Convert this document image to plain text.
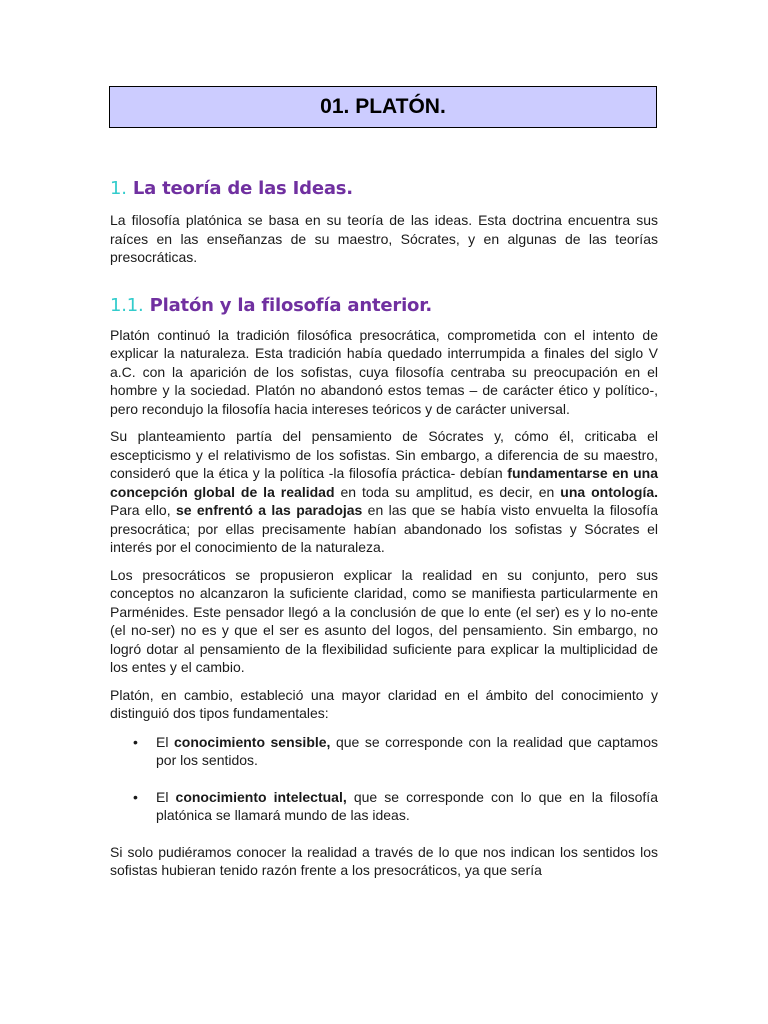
01. PLATÓN.
1. La teoría de las Ideas.

La filosofía platónica se basa en su teoría de las ideas. Esta doctrina encuentra sus raíces en las enseñanzas de su maestro, Sócrates, y en algunas de las teorías presocráticas.

1.1. Platón y la filosofía anterior.

Platón continuó la tradición filosófica presocrática, comprometida con el intento de explicar la naturaleza. Esta tradición había quedado interrumpida a finales del siglo V a.C. con la aparición de los sofistas, cuya filosofía centraba su preocupación en el hombre y la sociedad. Platón no abandonó estos temas – de carácter ético y político-, pero recondujo la filosofía hacia intereses teóricos y de carácter universal.

Su planteamiento partía del pensamiento de Sócrates y, cómo él, criticaba el escepticismo y el relativismo de los sofistas. Sin embargo, a diferencia de su maestro, consideró que la ética y la política -la filosofía práctica- debían fundamentarse en una concepción global de la realidad en toda su amplitud, es decir, en una ontología. Para ello, se enfrentó a las paradojas en las que se había visto envuelta la filosofía presocrática; por ellas precisamente habían abandonado los sofistas y Sócrates el interés por el conocimiento de la naturaleza.

Los presocráticos se propusieron explicar la realidad en su conjunto, pero sus conceptos no alcanzaron la suficiente claridad, como se manifiesta particularmente en Parménides. Este pensador llegó a la conclusión de que lo ente (el ser) es y lo no-ente (el no-ser) no es y que el ser es asunto del logos, del pensamiento. Sin embargo, no logró dotar al pensamiento de la flexibilidad suficiente para explicar la multiplicidad de los entes y el cambio.

Platón, en cambio, estableció una mayor claridad en el ámbito del conocimiento y distinguió dos tipos fundamentales:

• El conocimiento sensible, que se corresponde con la realidad que captamos por los sentidos.
• El conocimiento intelectual, que se corresponde con lo que en la filosofía platónica se llamará mundo de las ideas.

Si solo pudiéramos conocer la realidad a través de lo que nos indican los sentidos los sofistas hubieran tenido razón frente a los presocráticos, ya que sería
